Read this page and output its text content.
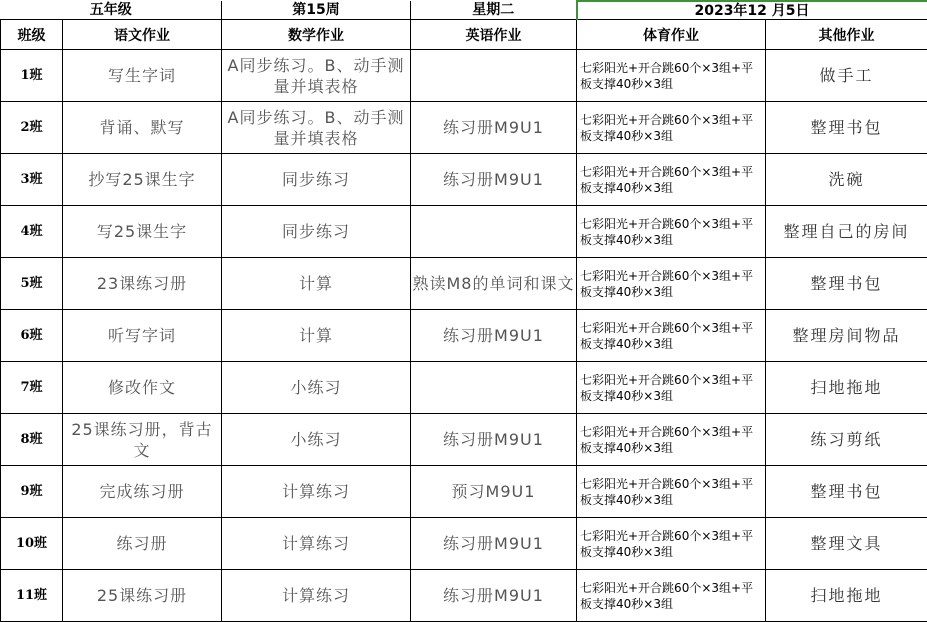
五年级		第15周	星期二	2023年12 月5日	
班级	语文作业	数学作业	英语作业	体育作业	其他作业
1班	写生字词	A同步练习。B、动手测量并填表格		七彩阳光+开合跳60个×3组+平板支撑40秒×3组	做手工
2班	背诵、默写	A同步练习。B、动手测量并填表格	练习册M9U1	七彩阳光+开合跳60个×3组+平板支撑40秒×3组	整理书包
3班	抄写25课生字	同步练习	练习册M9U1	七彩阳光+开合跳60个×3组+平板支撑40秒×3组	洗碗
4班	写25课生字	同步练习		七彩阳光+开合跳60个×3组+平板支撑40秒×3组	整理自己的房间
5班	23课练习册	计算	熟读M8的单词和课文	七彩阳光+开合跳60个×3组+平板支撑40秒×3组	整理书包
6班	听写字词	计算	练习册M9U1	七彩阳光+开合跳60个×3组+平板支撑40秒×3组	整理房间物品
7班	修改作文	小练习		七彩阳光+开合跳60个×3组+平板支撑40秒×3组	扫地拖地
8班	25课练习册，背古文	小练习	练习册M9U1	七彩阳光+开合跳60个×3组+平板支撑40秒×3组	练习剪纸
9班	完成练习册	计算练习	预习M9U1	七彩阳光+开合跳60个×3组+平板支撑40秒×3组	整理书包
10班	练习册	计算练习	练习册M9U1	七彩阳光+开合跳60个×3组+平板支撑40秒×3组	整理文具
11班	25课练习册	计算练习	练习册M9U1	七彩阳光+开合跳60个×3组+平板支撑40秒×3组	扫地拖地
